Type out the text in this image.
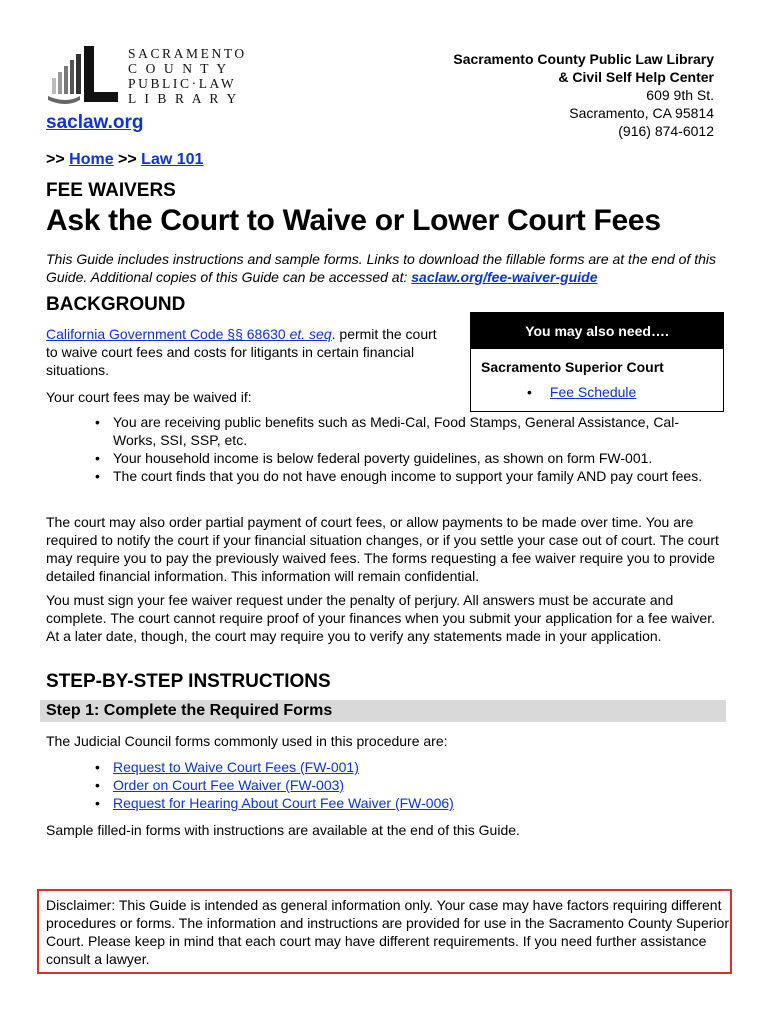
SACRAMENTO
C O U N T Y
PUBLIC·LAW
L I B R A R Y
Sacramento County Public Law Library
& Civil Self Help Center
609 9th St.
Sacramento, CA 95814
(916) 874-6012
saclaw.org
>> Home >> Law 101
FEE WAIVERS
Ask the Court to Waive or Lower Court Fees
This Guide includes instructions and sample forms. Links to download the fillable forms are at the end of this Guide. Additional copies of this Guide can be accessed at: saclaw.org/fee-waiver-guide
BACKGROUND
California Government Code §§ 68630 et. seq. permit the court to waive court fees and costs for litigants in certain financial situations.
Your court fees may be waived if:
You may also need….
Sacramento Superior Court
• Fee Schedule
• You are receiving public benefits such as Medi-Cal, Food Stamps, General Assistance, Cal-Works, SSI, SSP, etc.
• Your household income is below federal poverty guidelines, as shown on form FW-001.
• The court finds that you do not have enough income to support your family AND pay court fees.
The court may also order partial payment of court fees, or allow payments to be made over time. You are required to notify the court if your financial situation changes, or if you settle your case out of court. The court may require you to pay the previously waived fees. The forms requesting a fee waiver require you to provide detailed financial information. This information will remain confidential.
You must sign your fee waiver request under the penalty of perjury. All answers must be accurate and complete. The court cannot require proof of your finances when you submit your application for a fee waiver. At a later date, though, the court may require you to verify any statements made in your application.
STEP-BY-STEP INSTRUCTIONS
Step 1: Complete the Required Forms
The Judicial Council forms commonly used in this procedure are:
• Request to Waive Court Fees (FW-001)
• Order on Court Fee Waiver (FW-003)
• Request for Hearing About Court Fee Waiver (FW-006)
Sample filled-in forms with instructions are available at the end of this Guide.
Disclaimer: This Guide is intended as general information only. Your case may have factors requiring different procedures or forms. The information and instructions are provided for use in the Sacramento County Superior Court. Please keep in mind that each court may have different requirements. If you need further assistance consult a lawyer.
